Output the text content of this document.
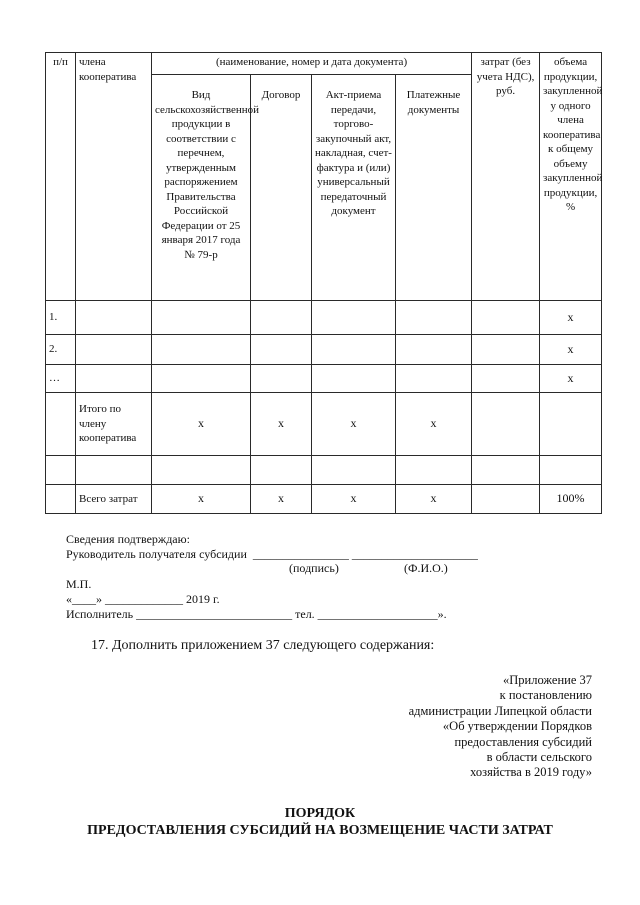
п/п	члена кооператива	(наименование, номер и дата документа)				затрат (без учета НДС), руб.	объема продукции, закупленной у одного члена кооператива к общему объему закупленной продукции, %
		Вид сельскохозяйственной продукции в соответствии с перечнем, утвержденным распоряжением Правительства Российской Федерации от 25 января 2017 года № 79-р	Договор	Акт-приема передачи, торгово-закупочный акт, накладная, счет-фактура и (или) универсальный передаточный документ	Платежные документы		
1.							х
2.							х
…							х
	Итого по члену кооператива	х	х	х	х		

	Всего затрат	х	х	х	х		100%
Сведения подтверждаю:
Руководитель получателя субсидии  ________________ _____________________
М.П.
«____» _____________ 2019 г.
Исполнитель __________________________ тел. ____________________».
(подпись)	(Ф.И.О.)
17. Дополнить приложением 37 следующего содержания:
«Приложение 37
к постановлению
администрации Липецкой области
«Об утверждении Порядков
предоставления субсидий
в области сельского
хозяйства в 2019 году»
ПОРЯДОК
ПРЕДОСТАВЛЕНИЯ СУБСИДИЙ НА ВОЗМЕЩЕНИЕ ЧАСТИ ЗАТРАТ
